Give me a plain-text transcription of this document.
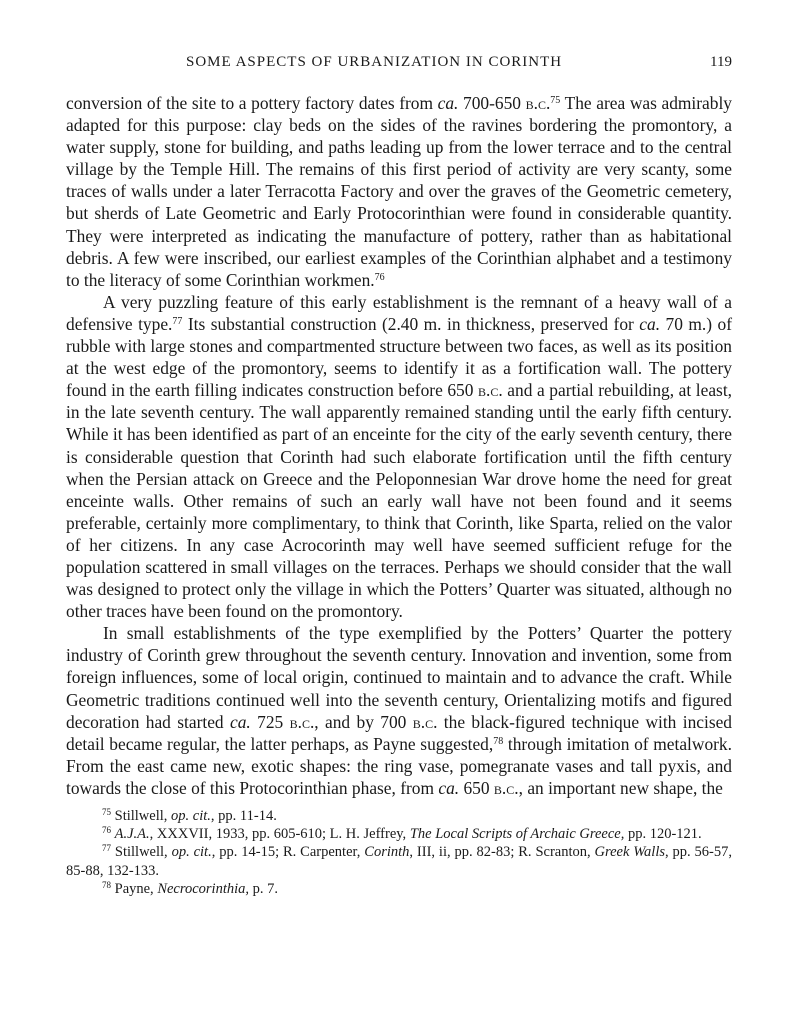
SOME ASPECTS OF URBANIZATION IN CORINTH	119

conversion of the site to a pottery factory dates from ca. 700-650 b.c.$^{75}$ The area was admirably adapted for this purpose: clay beds on the sides of the ravines bordering the promontory, a water supply, stone for building, and paths leading up from the lower terrace and to the central village by the Temple Hill. The remains of this first period of activity are very scanty, some traces of walls under a later Terracotta Factory and over the graves of the Geometric cemetery, but sherds of Late Geometric and Early Protocorinthian were found in considerable quantity. They were interpreted as indicating the manufacture of pottery, rather than as habitational debris. A few were inscribed, our earliest examples of the Corinthian alphabet and a testimony to the literacy of some Corinthian workmen.$^{76}$

A very puzzling feature of this early establishment is the remnant of a heavy wall of a defensive type.$^{77}$ Its substantial construction (2.40 m. in thickness, preserved for ca. 70 m.) of rubble with large stones and compartmented structure between two faces, as well as its position at the west edge of the promontory, seems to identify it as a fortification wall. The pottery found in the earth filling indicates construction before 650 b.c. and a partial rebuilding, at least, in the late seventh century. The wall apparently remained standing until the early fifth century. While it has been identified as part of an enceinte for the city of the early seventh century, there is considerable question that Corinth had such elaborate fortification until the fifth century when the Persian attack on Greece and the Peloponnesian War drove home the need for great enceinte walls. Other remains of such an early wall have not been found and it seems preferable, certainly more complimentary, to think that Corinth, like Sparta, relied on the valor of her citizens. In any case Acrocorinth may well have seemed sufficient refuge for the population scattered in small villages on the terraces. Perhaps we should consider that the wall was designed to protect only the village in which the Potters’ Quarter was situated, although no other traces have been found on the promontory.

In small establishments of the type exemplified by the Potters’ Quarter the pottery industry of Corinth grew throughout the seventh century. Innovation and invention, some from foreign influences, some of local origin, continued to maintain and to advance the craft. While Geometric traditions continued well into the seventh century, Orientalizing motifs and figured decoration had started ca. 725 b.c., and by 700 b.c. the black-figured technique with incised detail became regular, the latter perhaps, as Payne suggested,$^{78}$ through imitation of metalwork. From the east came new, exotic shapes: the ring vase, pomegranate vases and tall pyxis, and towards the close of this Protocorinthian phase, from ca. 650 b.c., an important new shape, the

$^{75}$ Stillwell, op. cit., pp. 11-14.

$^{76}$ A.J.A., XXXVII, 1933, pp. 605-610; L. H. Jeffrey, The Local Scripts of Archaic Greece, pp. 120-121.

$^{77}$ Stillwell, op. cit., pp. 14-15; R. Carpenter, Corinth, III, ii, pp. 82-83; R. Scranton, Greek Walls, pp. 56-57, 85-88, 132-133.

$^{78}$ Payne, Necrocorinthia, p. 7.
